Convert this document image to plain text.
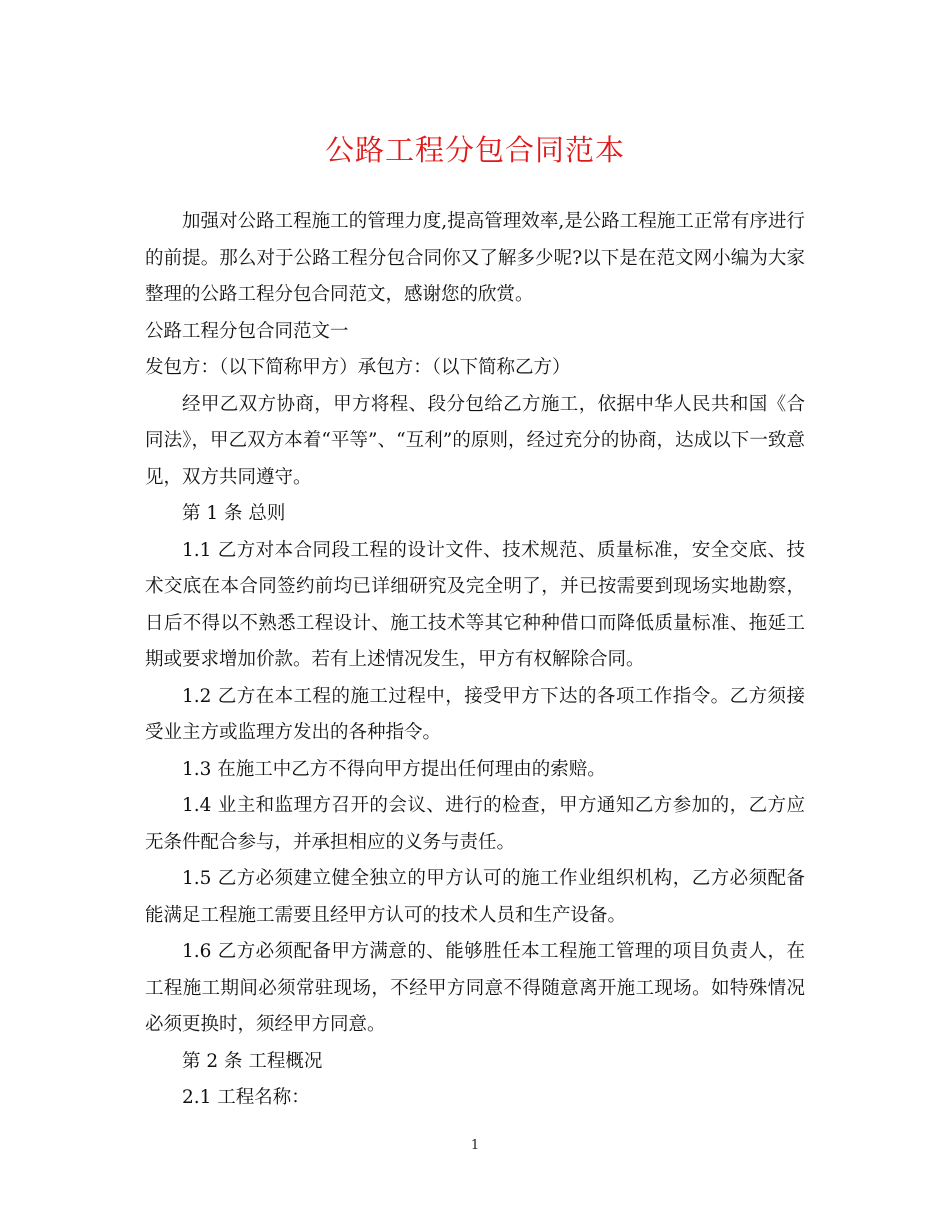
公路工程分包合同范本

加强对公路工程施工的管理力度,提高管理效率,是公路工程施工正常有序进行的前提。那么对于公路工程分包合同你又了解多少呢?以下是在范文网小编为大家整理的公路工程分包合同范文，感谢您的欣赏。

公路工程分包合同范文一发包方：（以下简称甲方）承包方：（以下简称乙方）

经甲乙双方协商，甲方将程、段分包给乙方施工，依据中华人民共和国《合同法》，甲乙双方本着“平等”、“互利”的原则，经过充分的协商，达成以下一致意见，双方共同遵守。

第 1 条 总则

1.1 乙方对本合同段工程的设计文件、技术规范、质量标准，安全交底、技术交底在本合同签约前均已详细研究及完全明了，并已按需要到现场实地勘察，日后不得以不熟悉工程设计、施工技术等其它种种借口而降低质量标准、拖延工期或要求增加价款。若有上述情况发生，甲方有权解除合同。

1.2 乙方在本工程的施工过程中，接受甲方下达的各项工作指令。乙方须接受业主方或监理方发出的各种指令。

1.3 在施工中乙方不得向甲方提出任何理由的索赔。

1.4 业主和监理方召开的会议、进行的检查，甲方通知乙方参加的，乙方应无条件配合参与，并承担相应的义务与责任。

1.5 乙方必须建立健全独立的甲方认可的施工作业组织机构，乙方必须配备能满足工程施工需要且经甲方认可的技术人员和生产设备。

1.6 乙方必须配备甲方满意的、能够胜任本工程施工管理的项目负责人，在工程施工期间必须常驻现场，不经甲方同意不得随意离开施工现场。如特殊情况必须更换时，须经甲方同意。

第 2 条 工程概况

2.1 工程名称：

1
